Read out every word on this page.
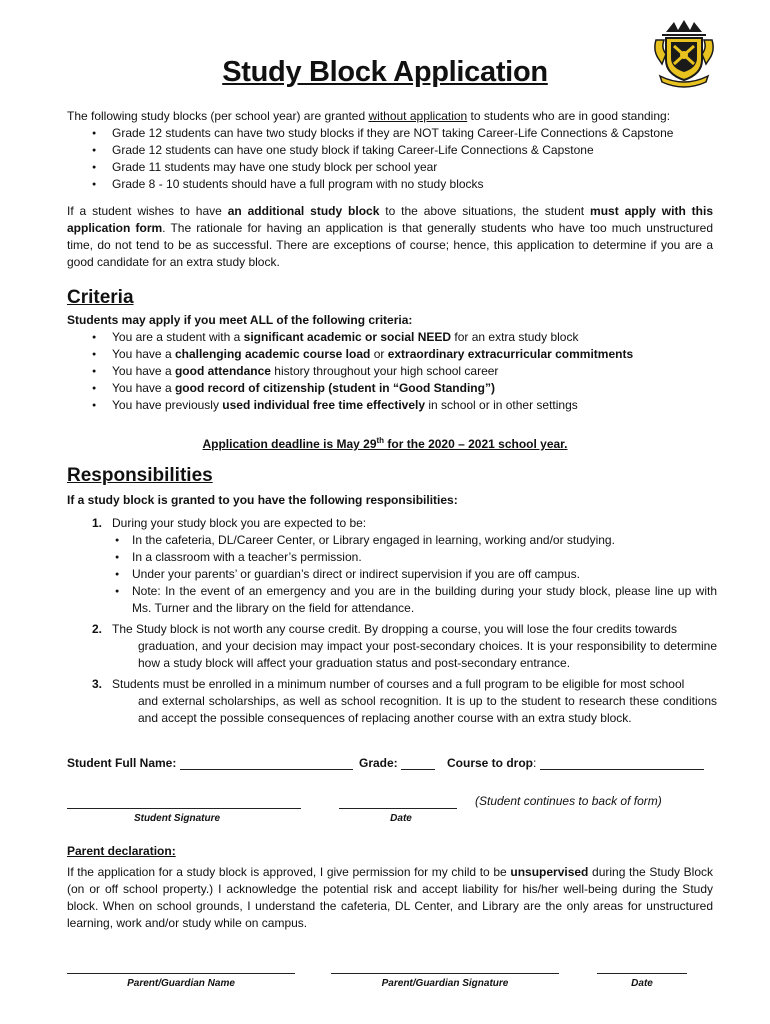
Study Block Application
The following study blocks (per school year) are granted without application to students who are in good standing:
● Grade 12 students can have two study blocks if they are NOT taking Career-Life Connections & Capstone
● Grade 12 students can have one study block if taking Career-Life Connections & Capstone
● Grade 11 students may have one study block per school year
● Grade 8 - 10 students should have a full program with no study blocks
If a student wishes to have an additional study block to the above situations, the student must apply with this application form. The rationale for having an application is that generally students who have too much unstructured time, do not tend to be as successful. There are exceptions of course; hence, this application to determine if you are a good candidate for an extra study block.
Criteria
Students may apply if you meet ALL of the following criteria:
● You are a student with a significant academic or social NEED for an extra study block
● You have a challenging academic course load or extraordinary extracurricular commitments
● You have a good attendance history throughout your high school career
● You have a good record of citizenship (student in “Good Standing”)
● You have previously used individual free time effectively in school or in other settings
Application deadline is May 29th for the 2020 – 2021 school year.
Responsibilities
If a study block is granted to you have the following responsibilities:
1. During your study block you are expected to be:
● In the cafeteria, DL/Career Center, or Library engaged in learning, working and/or studying.
● In a classroom with a teacher’s permission.
● Under your parents’ or guardian’s direct or indirect supervision if you are off campus.
● Note: In the event of an emergency and you are in the building during your study block, please line up with Ms. Turner and the library on the field for attendance.
2. The Study block is not worth any course credit. By dropping a course, you will lose the four credits towards
graduation, and your decision may impact your post-secondary choices. It is your responsibility to determine how a study block will affect your graduation status and post-secondary entrance.
3. Students must be enrolled in a minimum number of courses and a full program to be eligible for most school
and external scholarships, as well as school recognition. It is up to the student to research these conditions and accept the possible consequences of replacing another course with an extra study block.
Student Full Name:	Grade:	Course to drop:
Student Signature	Date
(Student continues to back of form)
Parent declaration:
If the application for a study block is approved, I give permission for my child to be unsupervised during the Study Block (on or off school property.) I acknowledge the potential risk and accept liability for his/her well-being during the Study block. When on school grounds, I understand the cafeteria, DL Center, and Library are the only areas for unstructured learning, work and/or study while on campus.
Parent/Guardian Name	Parent/Guardian Signature	Date
